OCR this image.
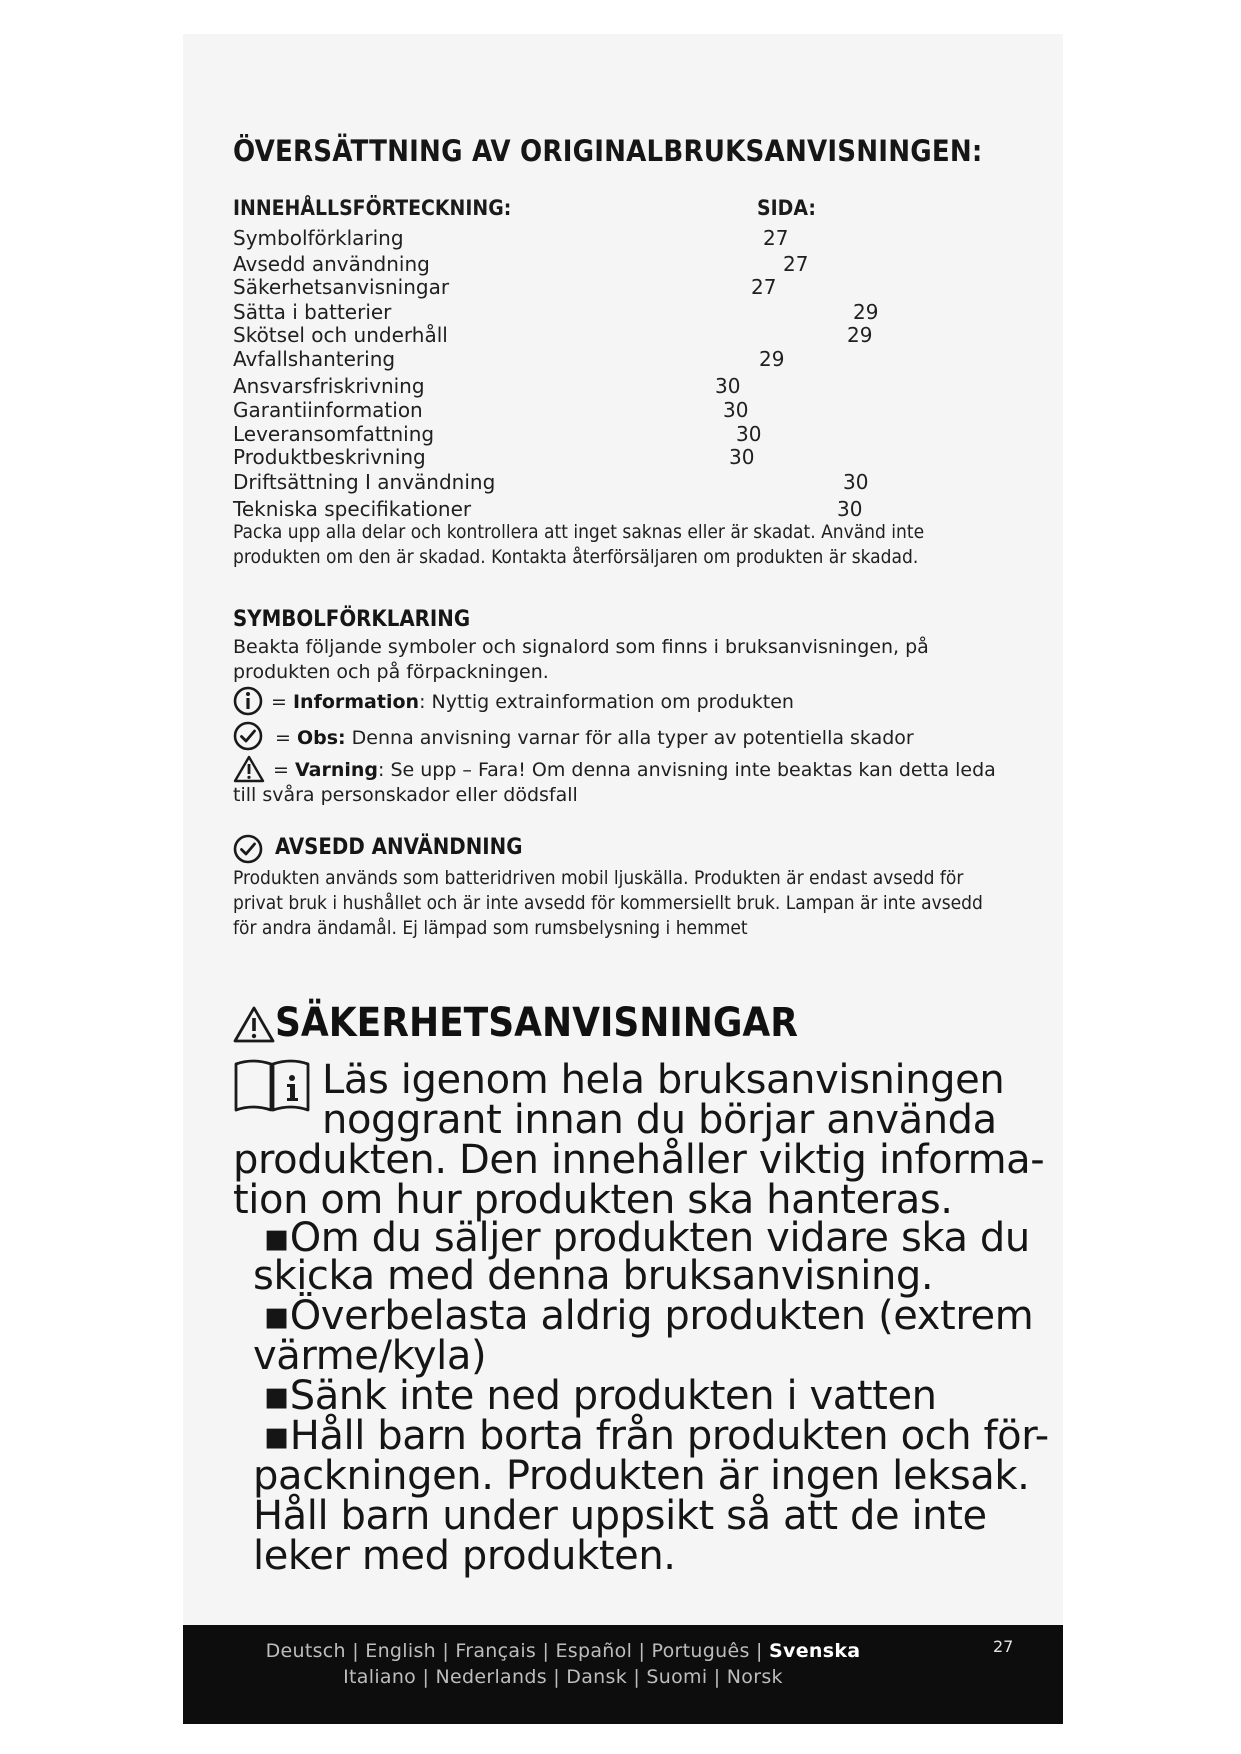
ÖVERSÄTTNING AV ORIGINALBRUKSANVISNINGEN:
INNEHÅLLSFÖRTECKNING:	SIDA:
Symbolförklaring	27
Avsedd användning	27
Säkerhetsanvisningar	27
Sätta i batterier	29
Skötsel och underhåll	29
Avfallshantering	29
Ansvarsfriskrivning	30
Garantiinformation	30
Leveransomfattning	30
Produktbeskrivning	30
Driftsättning I användning	30
Tekniska specifikationer	30

Packa upp alla delar och kontrollera att inget saknas eller är skadat. Använd inte produkten om den är skadad. Kontakta återförsäljaren om produkten är skadad.

SYMBOLFÖRKLARING

Beakta följande symboler och signalord som finns i bruksanvisningen, på produkten och på förpackningen.

= Information: Nyttig extrainformation om produkten
= Obs: Denna anvisning varnar för alla typer av potentiella skador
= Varning: Se upp – Fara! Om denna anvisning inte beaktas kan detta leda
till svåra personskador eller dödsfall
AVSEDD ANVÄNDNING

Produkten används som batteridriven mobil ljuskälla. Produkten är endast avsedd för privat bruk i hushållet och är inte avsedd för kommersiellt bruk. Lampan är inte avsedd för andra ändamål. Ej lämpad som rumsbelysning i hemmet

SÄKERHETSANVISNINGAR
Läs igenom hela bruksanvisningen
noggrant innan du börjar använda
produkten. Den innehåller viktig informa-
tion om hur produkten ska hanteras.
▪Om du säljer produkten vidare ska du
skicka med denna bruksanvisning.
▪Överbelasta aldrig produkten (extrem
värme/kyla)
▪Sänk inte ned produkten i vatten
▪Håll barn borta från produkten och för-
packningen. Produkten är ingen leksak.
Håll barn under uppsikt så att de inte
leker med produkten.
Deutsch | English | Français | Español | Português | Svenska
Italiano | Nederlands | Dansk | Suomi | Norsk
27
